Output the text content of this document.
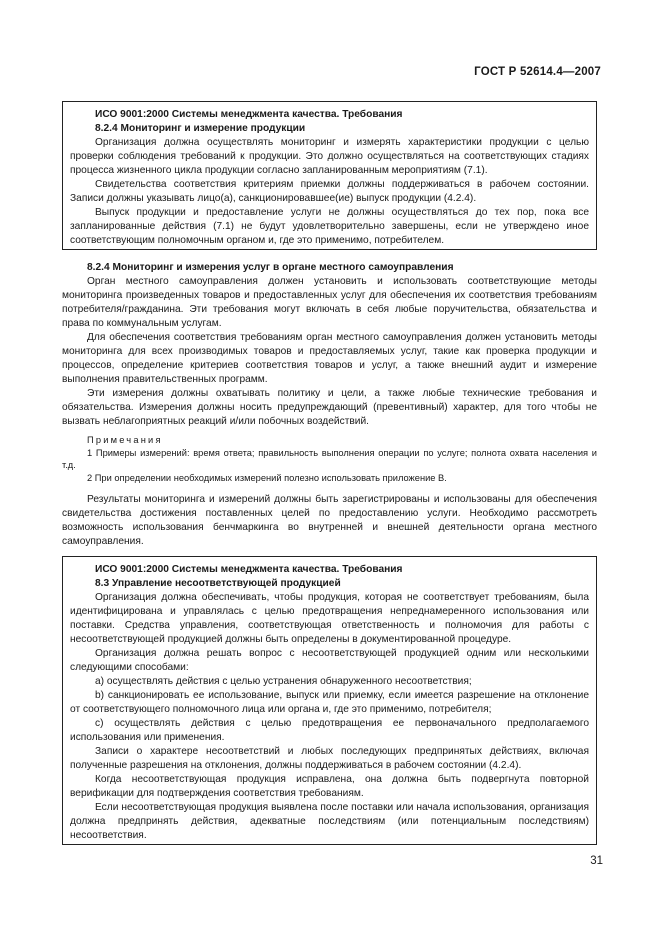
ГОСТ Р 52614.4—2007

ИСО 9001:2000 Системы менеджмента качества. Требования

8.2.4 Мониторинг и измерение продукции

Организация должна осуществлять мониторинг и измерять характеристики продукции с целью проверки соблюдения требований к продукции. Это должно осуществляться на соответствующих стадиях процесса жизненного цикла продукции согласно запланированным мероприятиям (7.1).

Свидетельства соответствия критериям приемки должны поддерживаться в рабочем состоянии. Записи должны указывать лицо(а), санкционировавшее(ие) выпуск продукции (4.2.4).

Выпуск продукции и предоставление услуги не должны осуществляться до тех пор, пока все запланированные действия (7.1) не будут удовлетворительно завершены, если не утверждено иное соответствующим полномочным органом и, где это применимо, потребителем.

8.2.4 Мониторинг и измерения услуг в органе местного самоуправления

Орган местного самоуправления должен установить и использовать соответствующие методы мониторинга произведенных товаров и предоставленных услуг для обеспечения их соответствия требованиям потребителя/гражданина. Эти требования могут включать в себя любые поручительства, обязательства и права по коммунальным услугам.

Для обеспечения соответствия требованиям орган местного самоуправления должен установить методы мониторинга для всех производимых товаров и предоставляемых услуг, такие как проверка продукции и процессов, определение критериев соответствия товаров и услуг, а также внешний аудит и измерение выполнения правительственных программ.

Эти измерения должны охватывать политику и цели, а также любые технические требования и обязательства. Измерения должны носить предупреждающий (превентивный) характер, для того чтобы не вызвать неблагоприятных реакций и/или побочных воздействий.

Примечания

1 Примеры измерений: время ответа; правильность выполнения операции по услуге; полнота охвата населения и т.д.

2 При определении необходимых измерений полезно использовать приложение В.

Результаты мониторинга и измерений должны быть зарегистрированы и использованы для обеспечения свидетельства достижения поставленных целей по предоставлению услуги. Необходимо рассмотреть возможность использования бенчмаркинга во внутренней и внешней деятельности органа местного самоуправления.

ИСО 9001:2000 Системы менеджмента качества. Требования

8.3 Управление несоответствующей продукцией

Организация должна обеспечивать, чтобы продукция, которая не соответствует требованиям, была идентифицирована и управлялась с целью предотвращения непреднамеренного использования или поставки. Средства управления, соответствующая ответственность и полномочия для работы с несоответствующей продукцией должны быть определены в документированной процедуре.

Организация должна решать вопрос с несоответствующей продукцией одним или несколькими следующими способами:

а) осуществлять действия с целью устранения обнаруженного несоответствия;

b) санкционировать ее использование, выпуск или приемку, если имеется разрешение на отклонение от соответствующего полномочного лица или органа и, где это применимо, потребителя;

с) осуществлять действия с целью предотвращения ее первоначального предполагаемого использования или применения.

Записи о характере несоответствий и любых последующих предпринятых действиях, включая полученные разрешения на отклонения, должны поддерживаться в рабочем состоянии (4.2.4).

Когда несоответствующая продукция исправлена, она должна быть подвергнута повторной верификации для подтверждения соответствия требованиям.

Если несоответствующая продукция выявлена после поставки или начала использования, организация должна предпринять действия, адекватные последствиям (или потенциальным последствиям) несоответствия.

31
